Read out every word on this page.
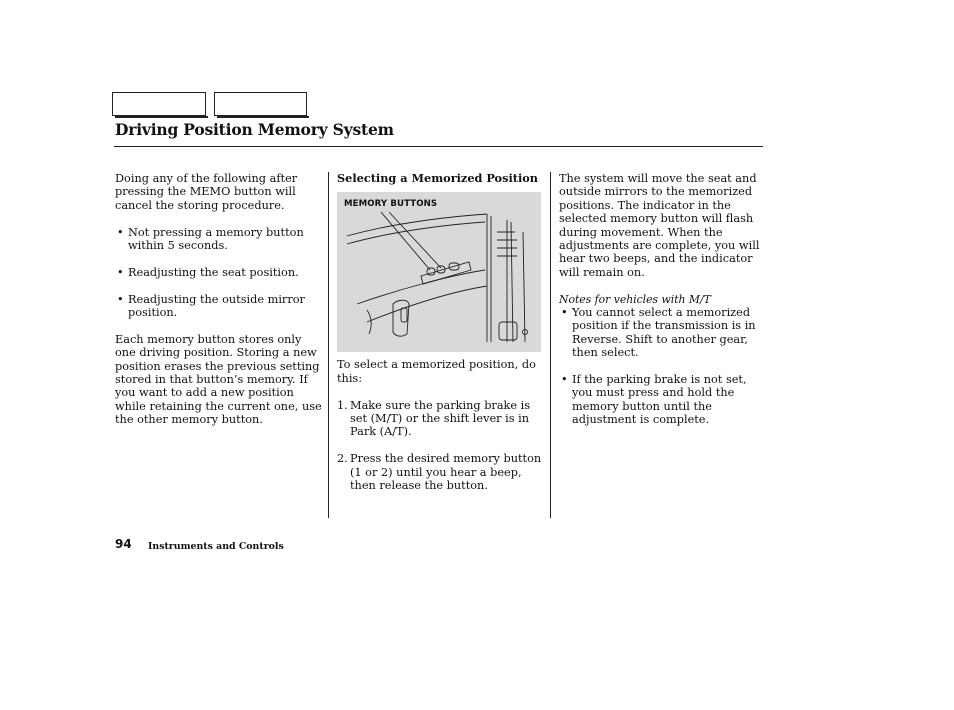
Driving Position Memory System

Doing any of the following after pressing the MEMO button will cancel the storing procedure.

• Not pressing a memory button within 5 seconds.
• Readjusting the seat position.
• Readjusting the outside mirror position.

Each memory button stores only one driving position. Storing a new position erases the previous setting stored in that button’s memory. If you want to add a new position while retaining the current one, use the other memory button.

Selecting a Memorized Position

MEMORY BUTTONS

To select a memorized position, do this:

1. Make sure the parking brake is set (M/T) or the shift lever is in Park (A/T).
2. Press the desired memory button (1 or 2) until you hear a beep, then release the button.

The system will move the seat and outside mirrors to the memorized positions. The indicator in the selected memory button will flash during movement. When the adjustments are complete, you will hear two beeps, and the indicator will remain on.

Notes for vehicles with M/T

• You cannot select a memorized position if the transmission is in Reverse. Shift to another gear, then select.
• If the parking brake is not set, you must press and hold the memory button until the adjustment is complete.
94 Instruments and Controls
